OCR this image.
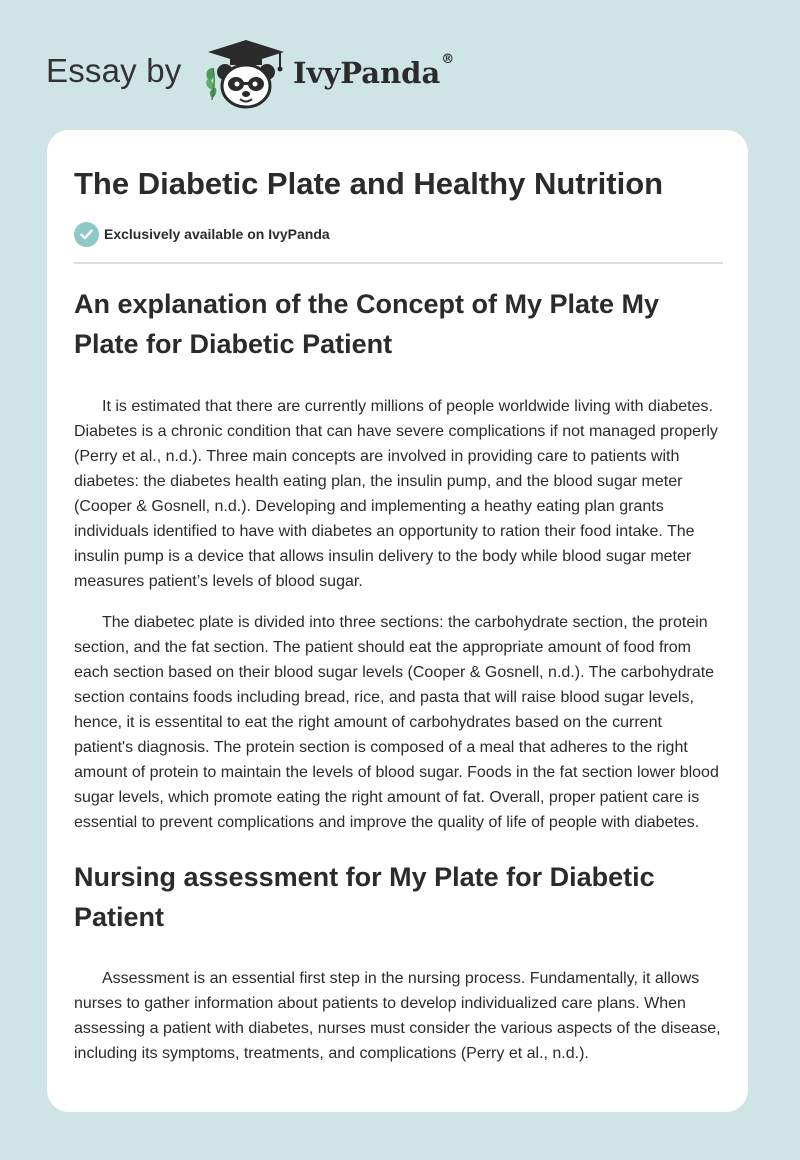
Essay by	IvyPanda®
The Diabetic Plate and Healthy Nutrition
Exclusively available on IvyPanda
An explanation of the Concept of My Plate My Plate for Diabetic Patient

It is estimated that there are currently millions of people worldwide living with diabetes. Diabetes is a chronic condition that can have severe complications if not managed properly (Perry et al., n.d.). Three main concepts are involved in providing care to patients with diabetes: the diabetes health eating plan, the insulin pump, and the blood sugar meter (Cooper & Gosnell, n.d.). Developing and implementing a heathy eating plan grants individuals identified to have with diabetes an opportunity to ration their food intake. The insulin pump is a device that allows insulin delivery to the body while blood sugar meter measures patient’s levels of blood sugar.

The diabetec plate is divided into three sections: the carbohydrate section, the protein section, and the fat section. The patient should eat the appropriate amount of food from each section based on their blood sugar levels (Cooper & Gosnell, n.d.). The carbohydrate section contains foods including bread, rice, and pasta that will raise blood sugar levels, hence, it is essentital to eat the right amount of carbohydrates based on the current patient's diagnosis. The protein section is composed of a meal that adheres to the right amount of protein to maintain the levels of blood sugar. Foods in the fat section lower blood sugar levels, which promote eating the right amount of fat. Overall, proper patient care is essential to prevent complications and improve the quality of life of people with diabetes.

Nursing assessment for My Plate for Diabetic Patient

Assessment is an essential first step in the nursing process. Fundamentally, it allows nurses to gather information about patients to develop individualized care plans. When assessing a patient with diabetes, nurses must consider the various aspects of the disease, including its symptoms, treatments, and complications (Perry et al., n.d.).
